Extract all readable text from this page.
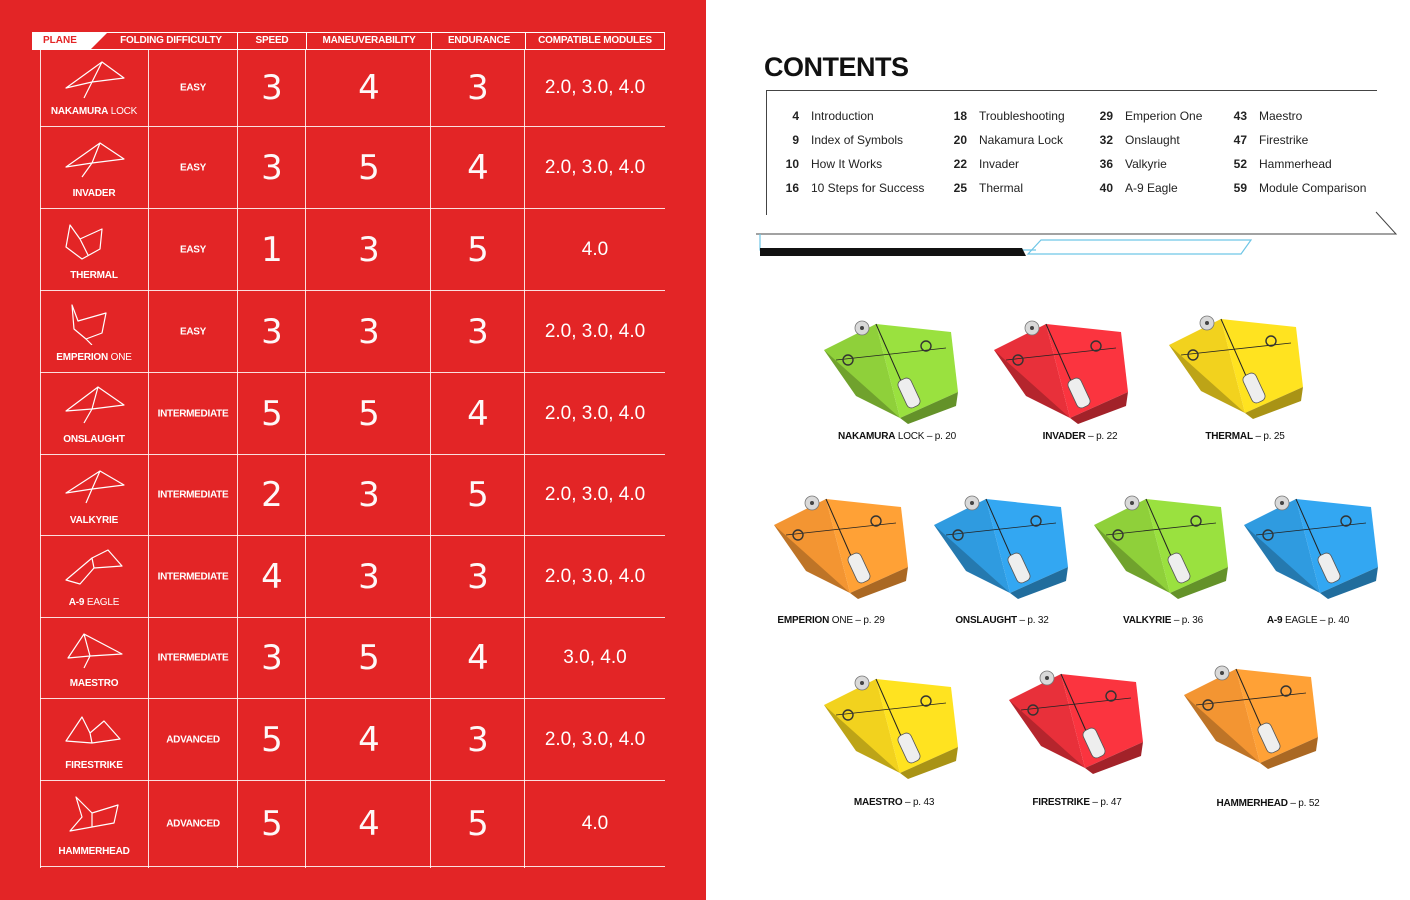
PLANE	FOLDING DIFFICULTY	SPEED	MANEUVERABILITY	ENDURANCE	COMPATIBLE MODULES
NAKAMURA LOCK
EASY	3	4	3	2.0, 3.0, 4.0
INVADER
EASY	3	5	4	2.0, 3.0, 4.0
THERMAL
EASY	1	3	5	4.0
EMPERION ONE
EASY	3	3	3	2.0, 3.0, 4.0
ONSLAUGHT
INTERMEDIATE 5	5	4	2.0, 3.0, 4.0
VALKYRIE
INTERMEDIATE 2	3	5	2.0, 3.0, 4.0
A-9 EAGLE
INTERMEDIATE 4	3	3	2.0, 3.0, 4.0
MAESTRO
INTERMEDIATE 3	5	4	3.0, 4.0
FIRESTRIKE
ADVANCED	5	4	3	2.0, 3.0, 4.0
HAMMERHEAD
ADVANCED	5	4	5	4.0
CONTENTS
4 Introduction
9 Index of Symbols
10 How It Works
16 10 Steps for Success
18 Troubleshooting
20 Nakamura Lock
22 Invader
25 Thermal
29 Emperion One
32 Onslaught
36 Valkyrie
40 A-9 Eagle
43 Maestro
47 Firestrike
52 Hammerhead
59 Module Comparison
NAKAMURA LOCK – p. 20	INVADER – p. 22	THERMAL – p. 25
EMPERION ONE – p. 29	ONSLAUGHT – p. 32	VALKYRIE – p. 36	A-9 EAGLE – p. 40
MAESTRO – p. 43	FIRESTRIKE – p. 47	HAMMERHEAD – p. 52
